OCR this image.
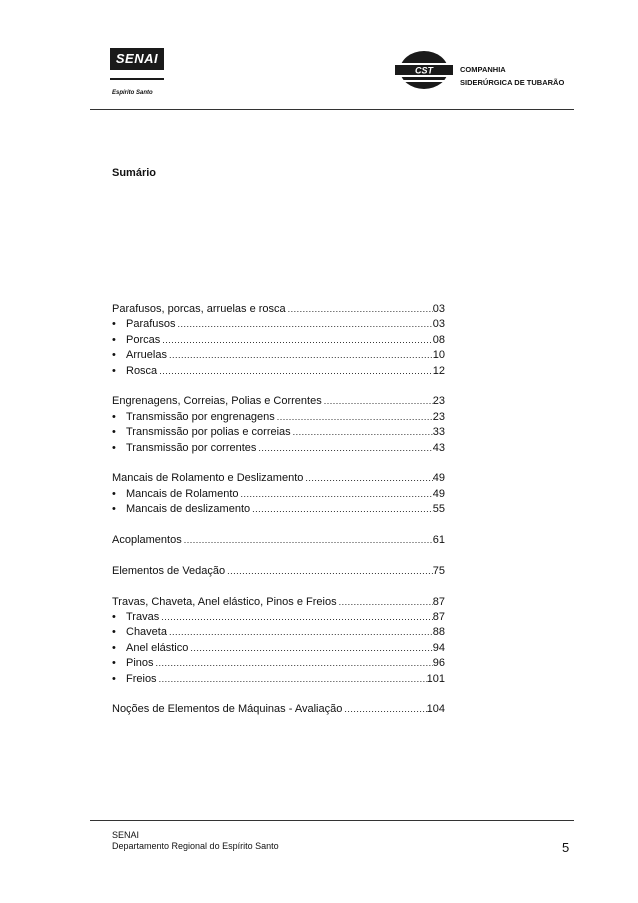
SENAI
Espírito Santo
CST	COMPANHIA
SIDERÚRGICA DE TUBARÃO
Sumário
Parafusos, porcas, arruelas e rosca .....	03
• Parafusos .....	03
• Porcas .....	08
• Arruelas .....	10
• Rosca .....	12
Engrenagens, Correias, Polias e Correntes .....	23
• Transmissão por engrenagens .....	23
• Transmissão por polias e correias .....	33
• Transmissão por correntes .....	43
Mancais de Rolamento e Deslizamento .....	49
• Mancais de Rolamento .....	49
• Mancais de deslizamento .....	55
Acoplamentos .....	61
Elementos de Vedação .....	75
Travas, Chaveta, Anel elástico, Pinos e Freios .....	87
• Travas .....	87
• Chaveta .....	88
• Anel elástico .....	94
• Pinos .....	96
• Freios .....	101
Noções de Elementos de Máquinas - Avaliação .....	104
SENAI
Departamento Regional do Espírito Santo	5
